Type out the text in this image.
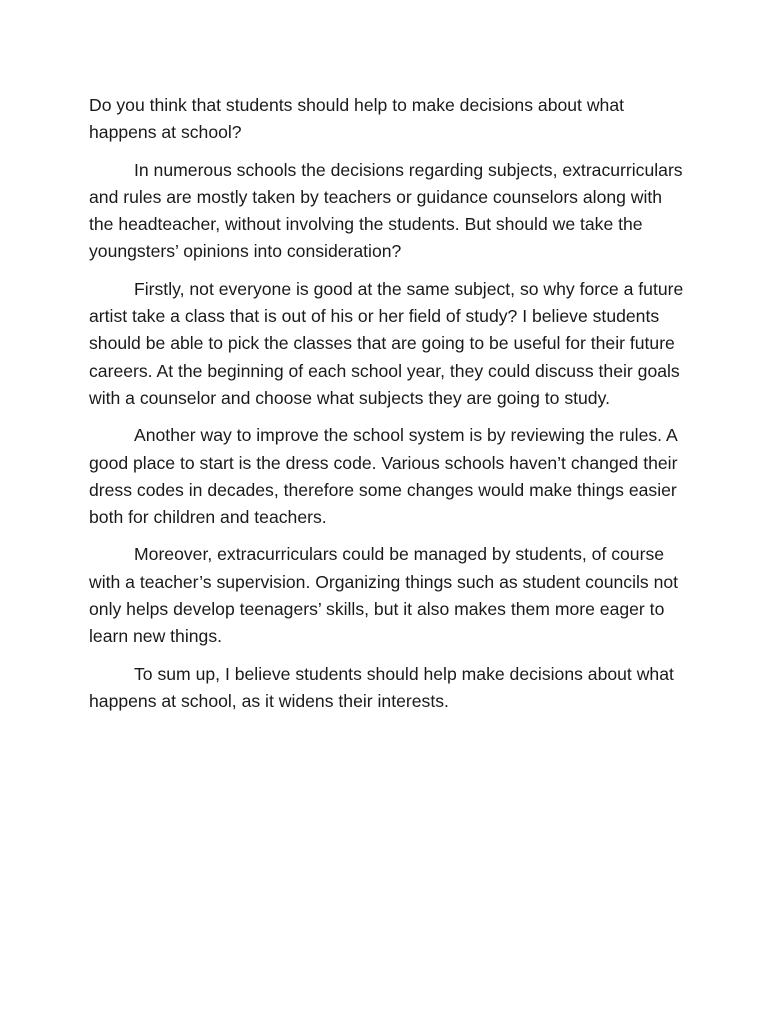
Do you think that students should help to make decisions about what happens at school?

In numerous schools the decisions regarding subjects, extracurriculars and rules are mostly taken by teachers or guidance counselors along with the headteacher, without involving the students. But should we take the youngsters’ opinions into consideration?

Firstly, not everyone is good at the same subject, so why force a future artist take a class that is out of his or her field of study? I believe students should be able to pick the classes that are going to be useful for their future careers. At the beginning of each school year, they could discuss their goals with a counselor and choose what subjects they are going to study.

Another way to improve the school system is by reviewing the rules. A good place to start is the dress code. Various schools haven’t changed their dress codes in decades, therefore some changes would make things easier both for children and teachers.

Moreover, extracurriculars could be managed by students, of course with a teacher’s supervision. Organizing things such as student councils not only helps develop teenagers’ skills, but it also makes them more eager to learn new things.

To sum up, I believe students should help make decisions about what happens at school, as it widens their interests.
